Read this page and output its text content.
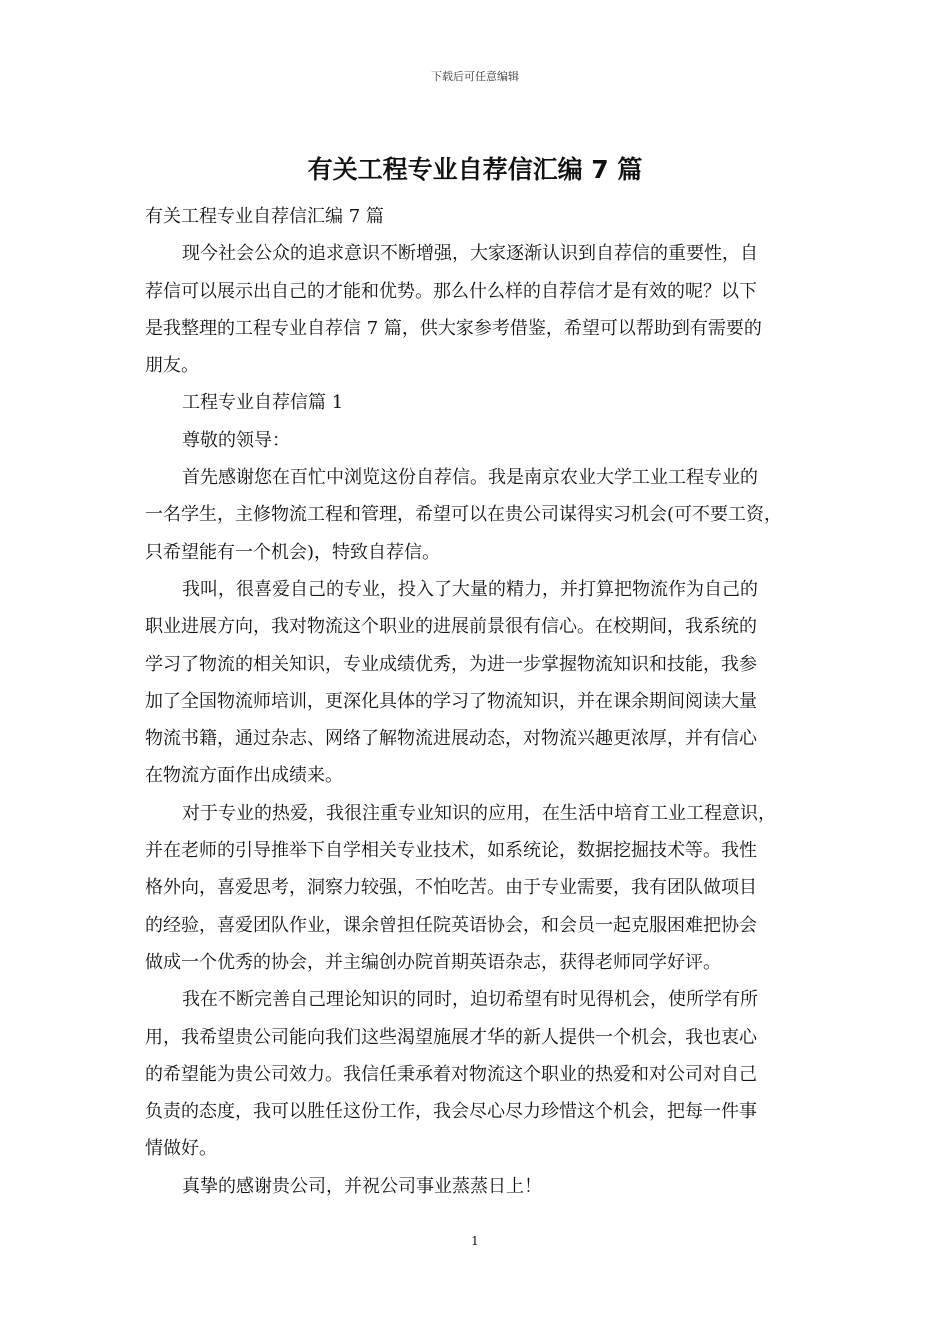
下载后可任意编辑
有关工程专业自荐信汇编 7 篇
有关工程专业自荐信汇编 7 篇
现今社会公众的追求意识不断增强，大家逐渐认识到自荐信的重要性，自
荐信可以展示出自己的才能和优势。那么什么样的自荐信才是有效的呢？以下
是我整理的工程专业自荐信 7 篇，供大家参考借鉴，希望可以帮助到有需要的
朋友。
工程专业自荐信篇 1
尊敬的领导：
首先感谢您在百忙中浏览这份自荐信。我是南京农业大学工业工程专业的
一名学生，主修物流工程和管理，希望可以在贵公司谋得实习机会(可不要工资，
只希望能有一个机会)，特致自荐信。
我叫，很喜爱自己的专业，投入了大量的精力，并打算把物流作为自己的
职业进展方向，我对物流这个职业的进展前景很有信心。在校期间，我系统的
学习了物流的相关知识，专业成绩优秀，为进一步掌握物流知识和技能，我参
加了全国物流师培训，更深化具体的学习了物流知识，并在课余期间阅读大量
物流书籍，通过杂志、网络了解物流进展动态，对物流兴趣更浓厚，并有信心
在物流方面作出成绩来。
对于专业的热爱，我很注重专业知识的应用，在生活中培育工业工程意识，
并在老师的引导推举下自学相关专业技术，如系统论，数据挖掘技术等。我性
格外向，喜爱思考，洞察力较强，不怕吃苦。由于专业需要，我有团队做项目
的经验，喜爱团队作业，课余曾担任院英语协会，和会员一起克服困难把协会
做成一个优秀的协会，并主编创办院首期英语杂志，获得老师同学好评。
我在不断完善自己理论知识的同时，迫切希望有时见得机会，使所学有所
用，我希望贵公司能向我们这些渴望施展才华的新人提供一个机会，我也衷心
的希望能为贵公司效力。我信任秉承着对物流这个职业的热爱和对公司对自己
负责的态度，我可以胜任这份工作，我会尽心尽力珍惜这个机会，把每一件事
情做好。
真挚的感谢贵公司，并祝公司事业蒸蒸日上！
1
